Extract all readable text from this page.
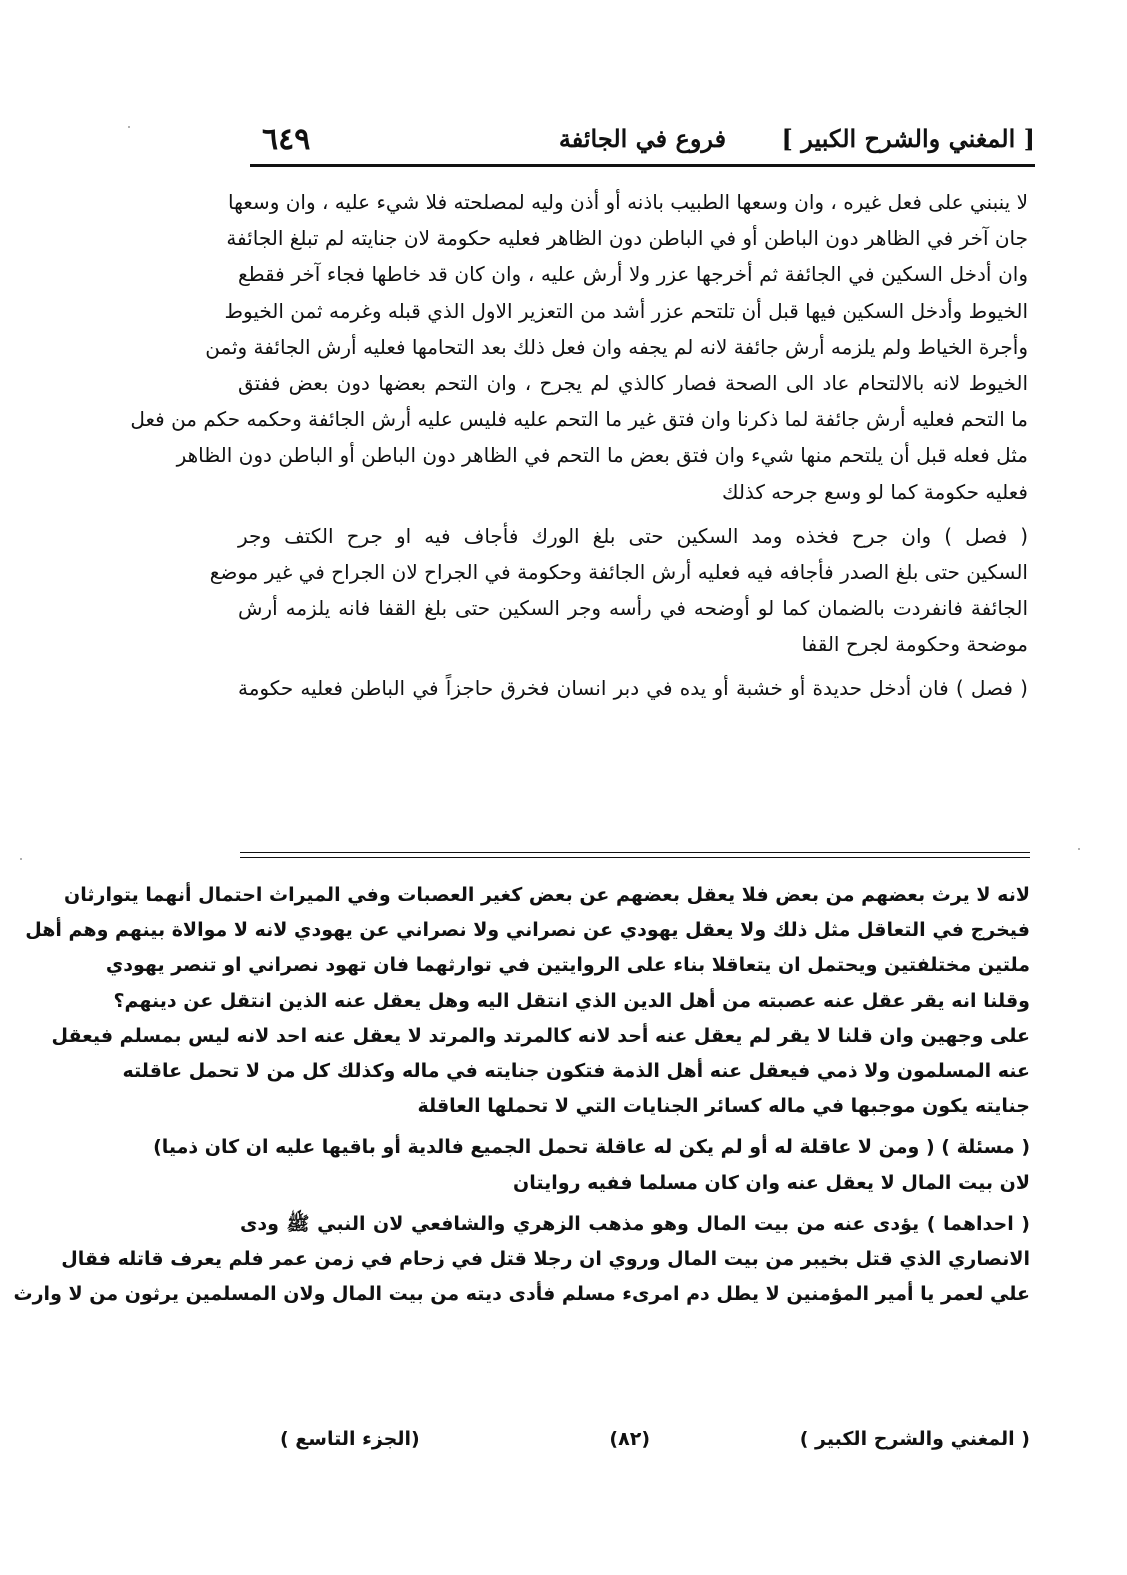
[ المغني والشرح الكبير ]
فروع في الجائفة
٦٤٩
لا ينبني على فعل غيره ، وان وسعها الطبيب باذنه أو أذن وليه لمصلحته فلا شيء عليه ، وان وسعها
جان آخر في الظاهر دون الباطن أو في الباطن دون الظاهر فعليه حكومة لان جنايته لم تبلغ الجائفة
وان أدخل السكين في الجائفة ثم أخرجها عزر ولا أرش عليه ، وان كان قد خاطها فجاء آخر فقطع
الخيوط وأدخل السكين فيها قبل أن تلتحم عزر أشد من التعزير الاول الذي قبله وغرمه ثمن الخيوط
وأجرة الخياط ولم يلزمه أرش جائفة لانه لم يجفه وان فعل ذلك بعد التحامها فعليه أرش الجائفة وثمن
الخيوط لانه بالالتحام عاد الى الصحة فصار كالذي لم يجرح ، وان التحم بعضها دون بعض ففتق
ما التحم فعليه أرش جائفة لما ذكرنا وان فتق غير ما التحم عليه فليس عليه أرش الجائفة وحكمه حكم من فعل
مثل فعله قبل أن يلتحم منها شيء وان فتق بعض ما التحم في الظاهر دون الباطن أو الباطن دون الظاهر
فعليه حكومة كما لو وسع جرحه كذلك
( فصل ) وان جرح فخذه ومد السكين حتى بلغ الورك فأجاف فيه او جرح الكتف وجر
السكين حتى بلغ الصدر فأجافه فيه فعليه أرش الجائفة وحكومة في الجراح لان الجراح في غير موضع
الجائفة فانفردت بالضمان كما لو أوضحه في رأسه وجر السكين حتى بلغ القفا فانه يلزمه أرش
موضحة وحكومة لجرح القفا
( فصل ) فان أدخل حديدة أو خشبة أو يده في دبر انسان فخرق حاجزاً في الباطن فعليه حكومة
لانه لا يرث بعضهم من بعض فلا يعقل بعضهم عن بعض كغير العصبات وفي الميراث احتمال أنهما يتوارثان
فيخرج في التعاقل مثل ذلك ولا يعقل يهودي عن نصراني ولا نصراني عن يهودي لانه لا موالاة بينهم وهم أهل
ملتين مختلفتين ويحتمل ان يتعاقلا بناء على الروايتين في توارثهما فان تهود نصراني او تنصر يهودي
وقلنا انه يقر عقل عنه عصبته من أهل الدين الذي انتقل اليه وهل يعقل عنه الذين انتقل عن دينهم؟
على وجهين وان قلنا لا يقر لم يعقل عنه أحد لانه كالمرتد والمرتد لا يعقل عنه احد لانه ليس بمسلم فيعقل
عنه المسلمون ولا ذمي فيعقل عنه أهل الذمة فتكون جنايته في ماله وكذلك كل من لا تحمل عاقلته
جنايته يكون موجبها في ماله كسائر الجنايات التي لا تحملها العاقلة
( مسئلة ) ( ومن لا عاقلة له أو لم يكن له عاقلة تحمل الجميع فالدية أو باقيها عليه ان كان ذميا)
لان بيت المال لا يعقل عنه وان كان مسلما ففيه روايتان
( احداهما ) يؤدى عنه من بيت المال وهو مذهب الزهري والشافعي لان النبي ﷺ ودى
الانصاري الذي قتل بخيبر من بيت المال وروي ان رجلا قتل في زحام في زمن عمر فلم يعرف قاتله فقال
علي لعمر يا أمير المؤمنين لا يطل دم امرىء مسلم فأدى ديته من بيت المال ولان المسلمين يرثون من لا وارث
( المغني والشرح الكبير )
(٨٢)
(الجزء التاسع )
